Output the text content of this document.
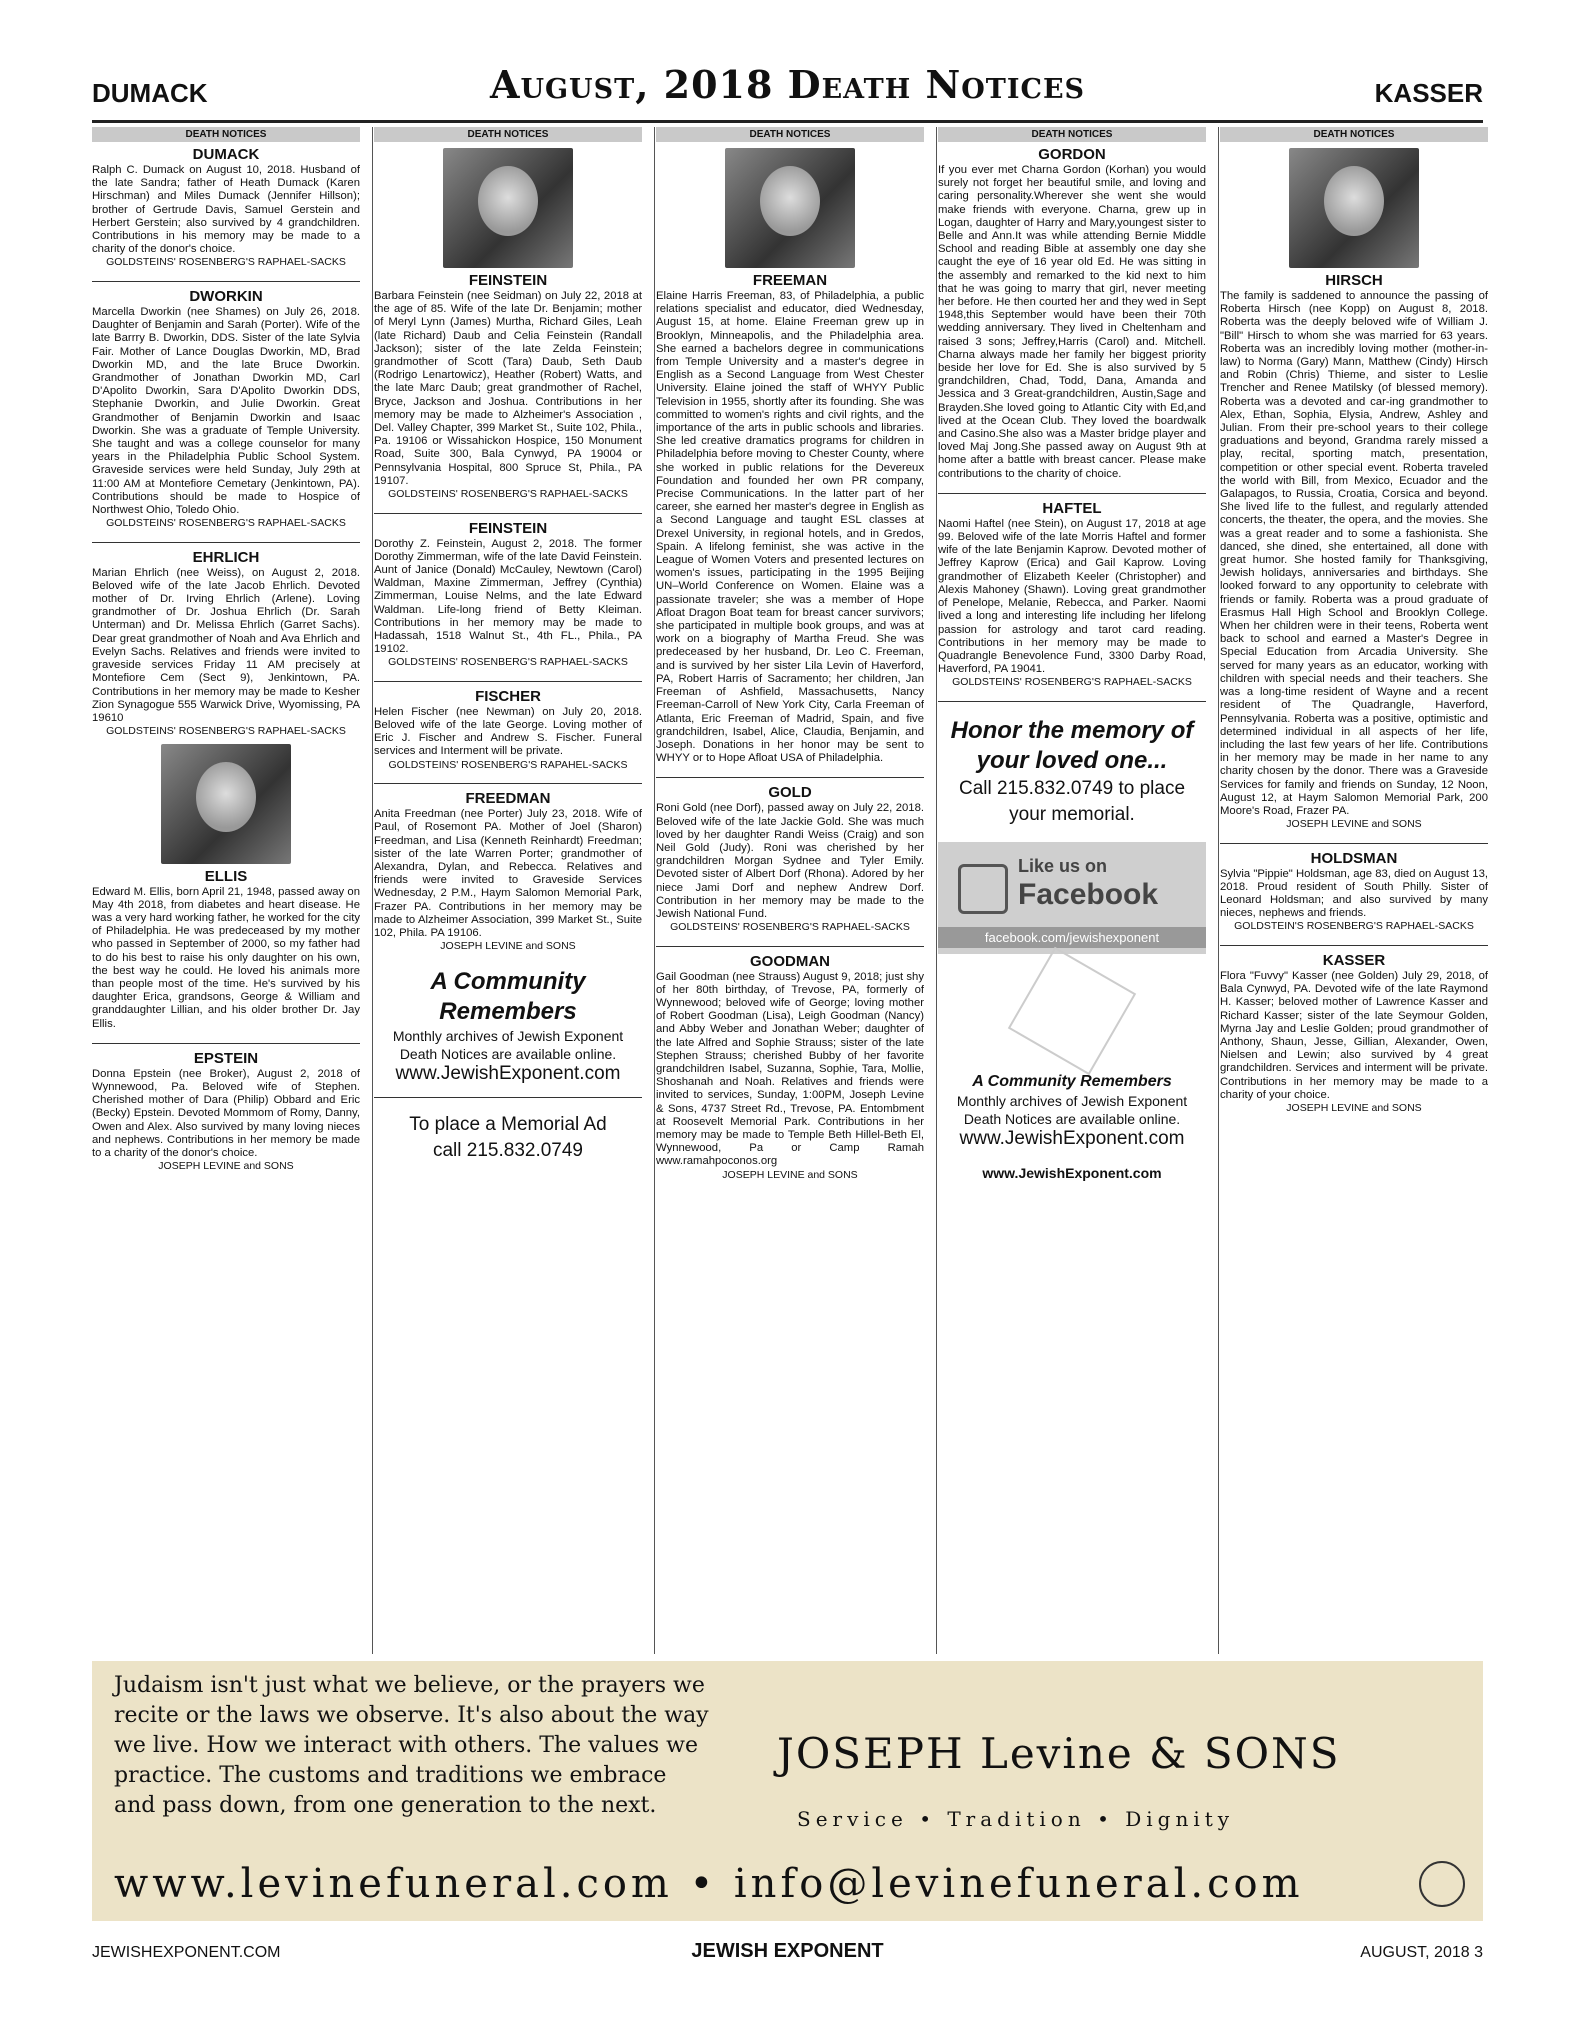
DUMACK	August, 2018 Death Notices	KASSER
DEATH NOTICES
DUMACK
Ralph C. Dumack on August 10, 2018. Husband of the late Sandra; father of Heath Dumack (Karen Hirschman) and Miles Dumack (Jennifer Hillson); brother of Gertrude Davis, Samuel Gerstein and Herbert Gerstein; also survived by 4 grandchildren. Contributions in his memory may be made to a charity of the donor's choice.
GOLDSTEINS' ROSENBERG'S RAPHAEL-SACKS
DWORKIN
Marcella Dworkin (nee Shames) on July 26, 2018. Daughter of Benjamin and Sarah (Porter). Wife of the late Barrry B. Dworkin, DDS. Sister of the late Sylvia Fair. Mother of Lance Douglas Dworkin, MD, Brad Dworkin MD, and the late Bruce Dworkin. Grandmother of Jonathan Dworkin MD, Carl D'Apolito Dworkin, Sara D'Apolito Dworkin DDS, Stephanie Dworkin, and Julie Dworkin. Great Grandmother of Benjamin Dworkin and Isaac Dworkin. She was a graduate of Temple University. She taught and was a college counselor for many years in the Philadelphia Public School System. Graveside services were held Sunday, July 29th at 11:00 AM at Montefiore Cemetary (Jenkintown, PA). Contributions should be made to Hospice of Northwest Ohio, Toledo Ohio.
GOLDSTEINS' ROSENBERG'S RAPHAEL-SACKS
EHRLICH
Marian Ehrlich (nee Weiss), on August 2, 2018. Beloved wife of the late Jacob Ehrlich. Devoted mother of Dr. Irving Ehrlich (Arlene). Loving grandmother of Dr. Joshua Ehrlich (Dr. Sarah Unterman) and Dr. Melissa Ehrlich (Garret Sachs). Dear great grandmother of Noah and Ava Ehrlich and Evelyn Sachs. Relatives and friends were invited to graveside services Friday 11 AM precisely at Montefiore Cem (Sect 9), Jenkintown, PA. Contributions in her memory may be made to Kesher Zion Synagogue 555 Warwick Drive, Wyomissing, PA 19610
GOLDSTEINS' ROSENBERG'S RAPHAEL-SACKS
ELLIS
Edward M. Ellis, born April 21, 1948, passed away on May 4th 2018, from diabetes and heart disease. He was a very hard working father, he worked for the city of Philadelphia. He was predeceased by my mother who passed in September of 2000, so my father had to do his best to raise his only daughter on his own, the best way he could. He loved his animals more than people most of the time. He's survived by his daughter Erica, grandsons, George & William and granddaughter Lillian, and his older brother Dr. Jay Ellis.
EPSTEIN
Donna Epstein (nee Broker), August 2, 2018 of Wynnewood, Pa. Beloved wife of Stephen. Cherished mother of Dara (Philip) Obbard and Eric (Becky) Epstein. Devoted Mommom of Romy, Danny, Owen and Alex. Also survived by many loving nieces and nephews. Contributions in her memory be made to a charity of the donor's choice.
JOSEPH LEVINE and SONS
DEATH NOTICES
FEINSTEIN
Barbara Feinstein (nee Seidman) on July 22, 2018 at the age of 85. Wife of the late Dr. Benjamin; mother of Meryl Lynn (James) Murtha, Richard Giles, Leah (late Richard) Daub and Celia Feinstein (Randall Jackson); sister of the late Zelda Feinstein; grandmother of Scott (Tara) Daub, Seth Daub (Rodrigo Lenartowicz), Heather (Robert) Watts, and the late Marc Daub; great grandmother of Rachel, Bryce, Jackson and Joshua. Contributions in her memory may be made to Alzheimer's Association , Del. Valley Chapter, 399 Market St., Suite 102, Phila., Pa. 19106 or Wissahickon Hospice, 150 Monument Road, Suite 300, Bala Cynwyd, PA 19004 or Pennsylvania Hospital, 800 Spruce St, Phila., PA 19107.
GOLDSTEINS' ROSENBERG'S RAPHAEL-SACKS
FEINSTEIN
Dorothy Z. Feinstein, August 2, 2018. The former Dorothy Zimmerman, wife of the late David Feinstein. Aunt of Janice (Donald) McCauley, Newtown (Carol) Waldman, Maxine Zimmerman, Jeffrey (Cynthia) Zimmerman, Louise Nelms, and the late Edward Waldman. Life-long friend of Betty Kleiman. Contributions in her memory may be made to Hadassah, 1518 Walnut St., 4th FL., Phila., PA 19102.
GOLDSTEINS' ROSENBERG'S RAPHAEL-SACKS
FISCHER
Helen Fischer (nee Newman) on July 20, 2018. Beloved wife of the late George. Loving mother of Eric J. Fischer and Andrew S. Fischer. Funeral services and Interment will be private.
GOLDSTEINS' ROSENBERG'S RAPAHEL-SACKS
FREEDMAN
Anita Freedman (nee Porter) July 23, 2018. Wife of Paul, of Rosemont PA. Mother of Joel (Sharon) Freedman, and Lisa (Kenneth Reinhardt) Freedman; sister of the late Warren Porter; grandmother of Alexandra, Dylan, and Rebecca. Relatives and friends were invited to Graveside Services Wednesday, 2 P.M., Haym Salomon Memorial Park, Frazer PA. Contributions in her memory may be made to Alzheimer Association, 399 Market St., Suite 102, Phila. PA 19106.
JOSEPH LEVINE and SONS
A Community Remembers
Monthly archives of Jewish Exponent Death Notices are available online.
www.JewishExponent.com
To place a Memorial Ad call 215.832.0749
DEATH NOTICES
FREEMAN
Elaine Harris Freeman, 83, of Philadelphia, a public relations specialist and educator, died Wednesday, August 15, at home. Elaine Freeman grew up in Brooklyn, Minneapolis, and the Philadelphia area. She earned a bachelors degree in communications from Temple University and a master's degree in English as a Second Language from West Chester University. Elaine joined the staff of WHYY Public Television in 1955, shortly after its founding. She was committed to women's rights and civil rights, and the importance of the arts in public schools and libraries. She led creative dramatics programs for children in Philadelphia before moving to Chester County, where she worked in public relations for the Devereux Foundation and founded her own PR company, Precise Communications. In the latter part of her career, she earned her master's degree in English as a Second Language and taught ESL classes at Drexel University, in regional hotels, and in Gredos, Spain. A lifelong feminist, she was active in the League of Women Voters and presented lectures on women's issues, participating in the 1995 Beijing UN–World Conference on Women. Elaine was a passionate traveler; she was a member of Hope Afloat Dragon Boat team for breast cancer survivors; she participated in multiple book groups, and was at work on a biography of Martha Freud. She was predeceased by her husband, Dr. Leo C. Freeman, and is survived by her sister Lila Levin of Haverford, PA, Robert Harris of Sacramento; her children, Jan Freeman of Ashfield, Massachusetts, Nancy Freeman-Carroll of New York City, Carla Freeman of Atlanta, Eric Freeman of Madrid, Spain, and five grandchildren, Isabel, Alice, Claudia, Benjamin, and Joseph. Donations in her honor may be sent to WHYY or to Hope Afloat USA of Philadelphia.
GOLD
Roni Gold (nee Dorf), passed away on July 22, 2018. Beloved wife of the late Jackie Gold. She was much loved by her daughter Randi Weiss (Craig) and son Neil Gold (Judy). Roni was cherished by her grandchildren Morgan Sydnee and Tyler Emily. Devoted sister of Albert Dorf (Rhona). Adored by her niece Jami Dorf and nephew Andrew Dorf. Contribution in her memory may be made to the Jewish National Fund.
GOLDSTEINS' ROSENBERG'S RAPHAEL-SACKS
GOODMAN
Gail Goodman (nee Strauss) August 9, 2018; just shy of her 80th birthday, of Trevose, PA, formerly of Wynnewood; beloved wife of George; loving mother of Robert Goodman (Lisa), Leigh Goodman (Nancy) and Abby Weber and Jonathan Weber; daughter of the late Alfred and Sophie Strauss; sister of the late Stephen Strauss; cherished Bubby of her favorite grandchildren Isabel, Suzanna, Sophie, Tara, Mollie, Shoshanah and Noah. Relatives and friends were invited to services, Sunday, 1:00PM, Joseph Levine & Sons, 4737 Street Rd., Trevose, PA. Entombment at Roosevelt Memorial Park. Contributions in her memory may be made to Temple Beth Hillel-Beth El, Wynnewood, Pa or Camp Ramah www.ramahpoconos.org
JOSEPH LEVINE and SONS
DEATH NOTICES
GORDON
If you ever met Charna Gordon (Korhan) you would surely not forget her beautiful smile, and loving and caring personality.Wherever she went she would make friends with everyone. Charna, grew up in Logan, daughter of Harry and Mary,youngest sister to Belle and Ann.It was while attending Bernie Middle School and reading Bible at assembly one day she caught the eye of 16 year old Ed. He was sitting in the assembly and remarked to the kid next to him that he was going to marry that girl, never meeting her before. He then courted her and they wed in Sept 1948,this September would have been their 70th wedding anniversary. They lived in Cheltenham and raised 3 sons; Jeffrey,Harris (Carol) and. Mitchell. Charna always made her family her biggest priority beside her love for Ed. She is also survived by 5 grandchildren, Chad, Todd, Dana, Amanda and Jessica and 3 Great-grandchildren, Austin,Sage and Brayden.She loved going to Atlantic City with Ed,and lived at the Ocean Club. They loved the boardwalk and Casino.She also was a Master bridge player and loved Maj Jong.She passed away on August 9th at home after a battle with breast cancer. Please make contributions to the charity of choice.
HAFTEL
Naomi Haftel (nee Stein), on August 17, 2018 at age 99. Beloved wife of the late Morris Haftel and former wife of the late Benjamin Kaprow. Devoted mother of Jeffrey Kaprow (Erica) and Gail Kaprow. Loving grandmother of Elizabeth Keeler (Christopher) and Alexis Mahoney (Shawn). Loving great grandmother of Penelope, Melanie, Rebecca, and Parker. Naomi lived a long and interesting life including her lifelong passion for astrology and tarot card reading. Contributions in her memory may be made to Quadrangle Benevolence Fund, 3300 Darby Road, Haverford, PA 19041.
GOLDSTEINS' ROSENBERG'S RAPHAEL-SACKS
Honor the memory of your loved one...
Call 215.832.0749 to place your memorial.
Like us on
Facebook
facebook.com/jewishexponent
A Community Remembers
Monthly archives of Jewish Exponent Death Notices are available online.
www.JewishExponent.com
www.JewishExponent.com
DEATH NOTICES
HIRSCH
The family is saddened to announce the passing of Roberta Hirsch (nee Kopp) on August 8, 2018. Roberta was the deeply beloved wife of William J. "Bill" Hirsch to whom she was married for 63 years. Roberta was an incredibly loving mother (mother-in-law) to Norma (Gary) Mann, Matthew (Cindy) Hirsch and Robin (Chris) Thieme, and sister to Leslie Trencher and Renee Matilsky (of blessed memory). Roberta was a devoted and car-ing grandmother to Alex, Ethan, Sophia, Elysia, Andrew, Ashley and Julian. From their pre-school years to their college graduations and beyond, Grandma rarely missed a play, recital, sporting match, presentation, competition or other special event. Roberta traveled the world with Bill, from Mexico, Ecuador and the Galapagos, to Russia, Croatia, Corsica and beyond. She lived life to the fullest, and regularly attended concerts, the theater, the opera, and the movies. She was a great reader and to some a fashionista. She danced, she dined, she entertained, all done with great humor. She hosted family for Thanksgiving, Jewish holidays, anniversaries and birthdays. She looked forward to any opportunity to celebrate with friends or family. Roberta was a proud graduate of Erasmus Hall High School and Brooklyn College. When her children were in their teens, Roberta went back to school and earned a Master's Degree in Special Education from Arcadia University. She served for many years as an educator, working with children with special needs and their teachers. She was a long-time resident of Wayne and a recent resident of The Quadrangle, Haverford, Pennsylvania. Roberta was a positive, optimistic and determined individual in all aspects of her life, including the last few years of her life. Contributions in her memory may be made in her name to any charity chosen by the donor. There was a Graveside Services for family and friends on Sunday, 12 Noon, August 12, at Haym Salomon Memorial Park, 200 Moore's Road, Frazer PA.
JOSEPH LEVINE and SONS
HOLDSMAN
Sylvia "Pippie" Holdsman, age 83, died on August 13, 2018. Proud resident of South Philly. Sister of Leonard Holdsman; and also survived by many nieces, nephews and friends.
GOLDSTEIN'S ROSENBERG'S RAPHAEL-SACKS
KASSER
Flora "Fuvvy" Kasser (nee Golden) July 29, 2018, of Bala Cynwyd, PA. Devoted wife of the late Raymond H. Kasser; beloved mother of Lawrence Kasser and Richard Kasser; sister of the late Seymour Golden, Myrna Jay and Leslie Golden; proud grandmother of Anthony, Shaun, Jesse, Gillian, Alexander, Owen, Nielsen and Lewin; also survived by 4 great grandchildren. Services and interment will be private. Contributions in her memory may be made to a charity of your choice.
JOSEPH LEVINE and SONS
Judaism isn't just what we believe, or the prayers we recite or the laws we observe. It's also about the way we live. How we interact with others. The values we practice. The customs and traditions we embrace and pass down, from one generation to the next.
JOSEPH Levine & SONS
Service • Tradition • Dignity
www.levinefuneral.com • info@levinefuneral.com
JEWISHEXPONENT.COM	JEWISH EXPONENT	AUGUST, 2018 3
